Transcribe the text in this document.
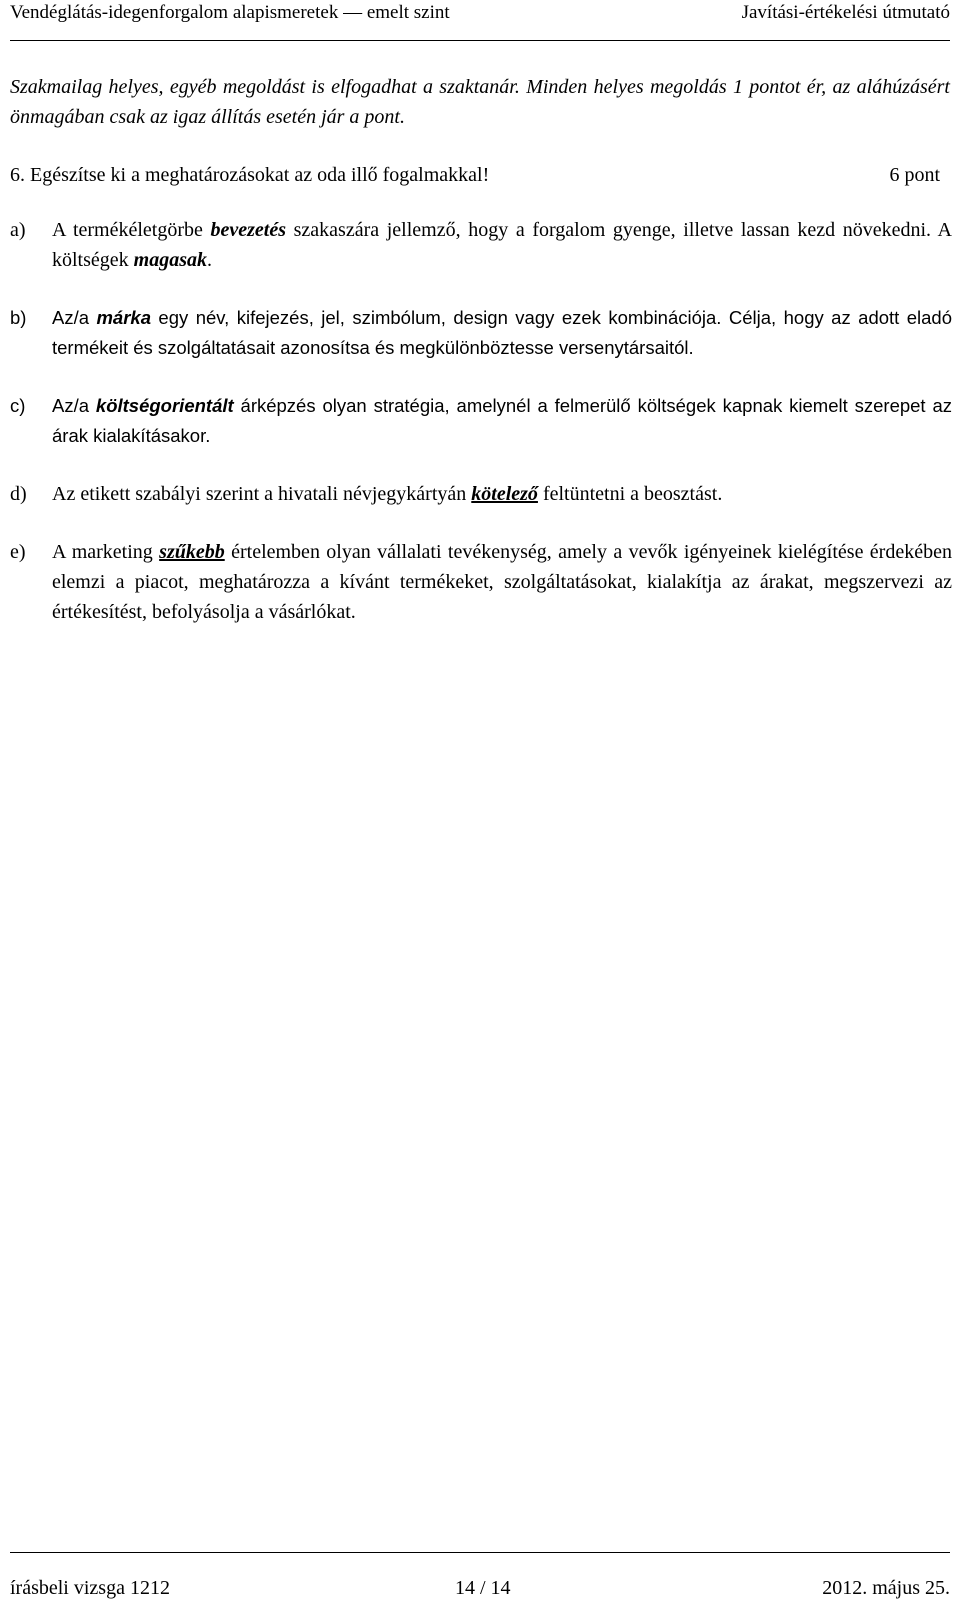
Vendéglátás-idegenforgalom alapismeretek — emelt szint	Javítási-értékelési útmutató
Szakmailag helyes, egyéb megoldást is elfogadhat a szaktanár. Minden helyes megoldás 1 pontot ér, az aláhúzásért önmagában csak az igaz állítás esetén jár a pont.
6. Egészítse ki a meghatározásokat az oda illő fogalmakkal!	6 pont
a) A termékéletgörbe bevezetés szakaszára jellemző, hogy a forgalom gyenge, illetve lassan kezd növekedni. A költségek magasak.
b) Az/a márka egy név, kifejezés, jel, szimbólum, design vagy ezek kombinációja. Célja, hogy az adott eladó termékeit és szolgáltatásait azonosítsa és megkülönböztesse versenytársaitól.
c) Az/a költségorientált árképzés olyan stratégia, amelynél a felmerülő költségek kapnak kiemelt szerepet az árak kialakításakor.
d) Az etikett szabályi szerint a hivatali névjegykártyán kötelező feltüntetni a beosztást.
e) A marketing szűkebb értelemben olyan vállalati tevékenység, amely a vevők igényeinek kielégítése érdekében elemzi a piacot, meghatározza a kívánt termékeket, szolgáltatásokat, kialakítja az árakat, megszervezi az értékesítést, befolyásolja a vásárlókat.
írásbeli vizsga 1212	14 / 14	2012. május 25.
